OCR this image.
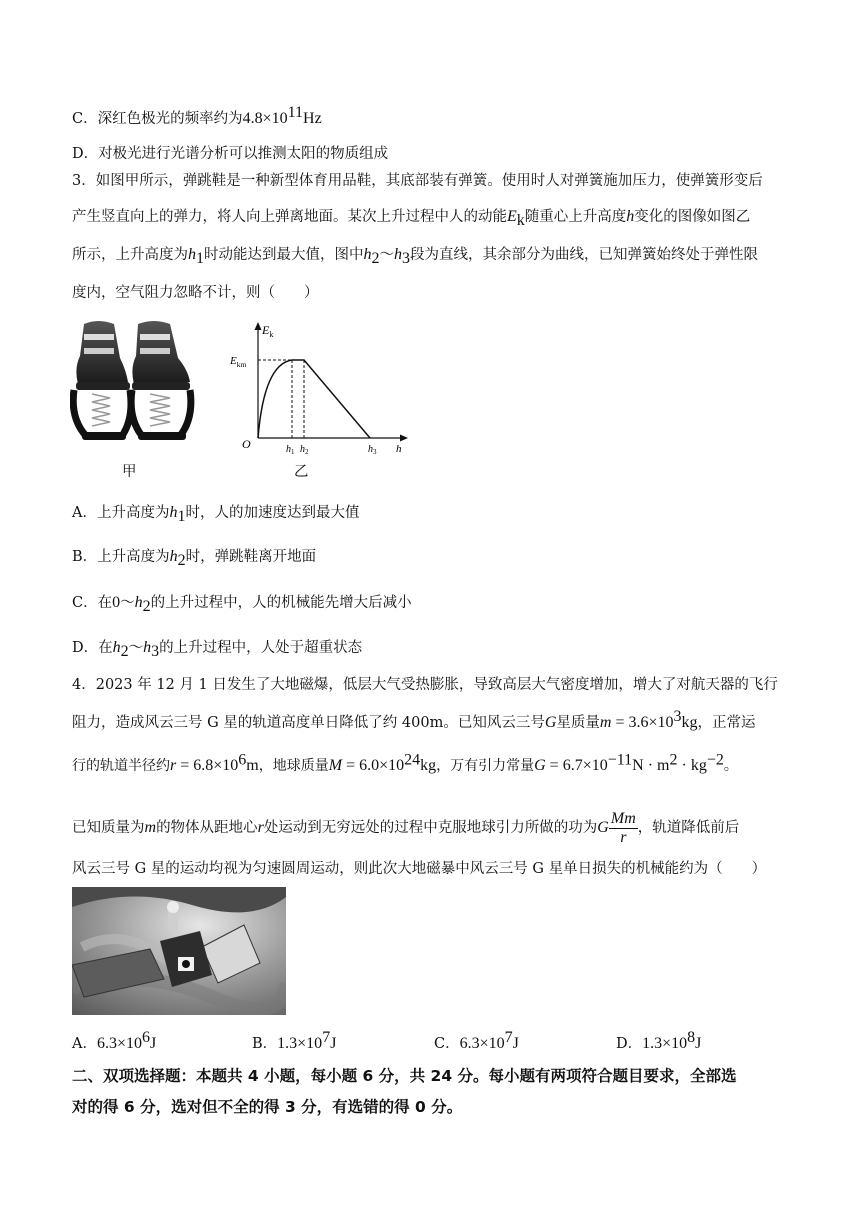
C．深红色极光的频率约为$4.8\times 10^{11}Hz$
D．对极光进行光谱分析可以推测太阳的物质组成
3．如图甲所示，弹跳鞋是一种新型体育用品鞋，其底部装有弹簧。使用时人对弹簧施加压力，使弹簧形变后
产生竖直向上的弹力，将人向上弹离地面。某次上升过程中人的动能$E_k$随重心上升高度h变化的图像如图乙
所示，上升高度为$h_1$时动能达到最大值，图中$h_2\sim h_3$段为直线，其余部分为曲线，已知弹簧始终处于弹性限
度内，空气阻力忽略不计，则（　　）
甲
$E_k$
$E_{km}$
O	$h_1$ $h_2$	$h_3$ h
乙
A．上升高度为$h_1$时，人的加速度达到最大值
B．上升高度为$h_2$时，弹跳鞋离开地面
C．在$0\sim h_2$的上升过程中，人的机械能先增大后减小
D．在$h_2\sim h_3$的上升过程中，人处于超重状态
4．2023 年 12 月 1 日发生了大地磁爆，低层大气受热膨胀，导致高层大气密度增加，增大了对航天器的飞行
阻力，造成风云三号 G 星的轨道高度单日降低了约 400m。已知风云三号G星质量$m = 3.6\times 10^3kg$，正常运
行的轨道半径约$r = 6.8\times 10^6m$，地球质量$M = 6.0\times 10^{24}kg$，万有引力常量$G = 6.7\times 10^{-11}N \cdot m^2 \cdot kg^{-2}$。
已知质量为m的物体从距地心r处运动到无穷远处的过程中克服地球引力所做的功为G $\frac{Mm}{r}$ ，轨道降低前后
风云三号 G 星的运动均视为匀速圆周运动，则此次大地磁暴中风云三号 G 星单日损失的机械能约为（　　）
A．$6.3\times 10^6J$	B．$1.3\times 10^7J$	C．$6.3\times 10^7J$	D．$1.3\times 10^8J$
二、双项选择题：本题共 4 小题，每小题 6 分，共 24 分。每小题有两项符合题目要求，全部选
对的得 6 分，选对但不全的得 3 分，有选错的得 0 分。
